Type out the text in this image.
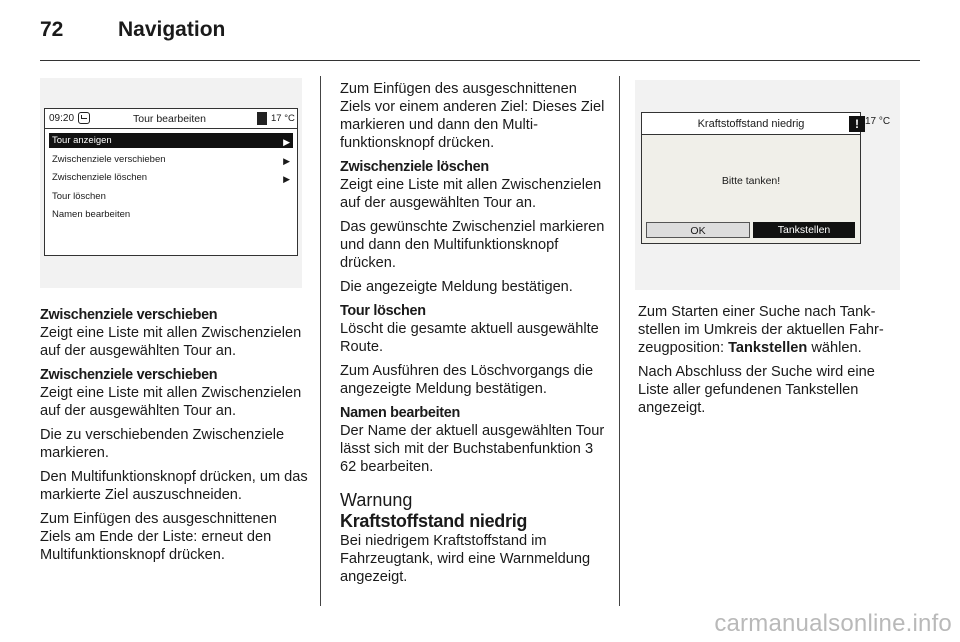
72	Navigation
09:20	Tour bearbeiten	17 °C
Tour anzeigen	▶
Zwischenziele verschieben	▶
Zwischenziele löschen	▶
Tour löschen
Namen bearbeiten
Zwischenziele verschieben
Zeigt eine Liste mit allen Zwischenzielen auf der ausgewählten Tour an.
Zwischenziele verschieben
Zeigt eine Liste mit allen Zwischenzielen auf der ausgewählten Tour an.
Die zu verschiebenden Zwischenziele markieren.
Den Multifunktionsknopf drücken, um das markierte Ziel auszuschneiden.
Zum Einfügen des ausgeschnittenen Ziels am Ende der Liste: erneut den Multifunktionsknopf drücken.
Zum Einfügen des ausgeschnittenen Ziels vor einem anderen Ziel: Dieses Ziel markieren und dann den Multifunktionsknopf drücken.
Zwischenziele löschen
Zeigt eine Liste mit allen Zwischenzielen auf der ausgewählten Tour an.
Das gewünschte Zwischenziel markieren und dann den Multifunktionsknopf drücken.
Die angezeigte Meldung bestätigen.
Tour löschen
Löscht die gesamte aktuell ausgewählte Route.
Zum Ausführen des Löschvorgangs die angezeigte Meldung bestätigen.
Namen bearbeiten
Der Name der aktuell ausgewählten Tour lässt sich mit der Buchstabenfunktion 3 62 bearbeiten.
Warnung
Kraftstoffstand niedrig
Bei niedrigem Kraftstoffstand im Fahrzeugtank, wird eine Warnmeldung angezeigt.
Kraftstoffstand niedrig	!
Bitte tanken!
OK	Tankstellen
17 °C
Zum Starten einer Suche nach Tankstellen im Umkreis der aktuellen Fahrzeugposition: Tankstellen wählen.
Nach Abschluss der Suche wird eine Liste aller gefundenen Tankstellen angezeigt.
carmanualsonline.info
